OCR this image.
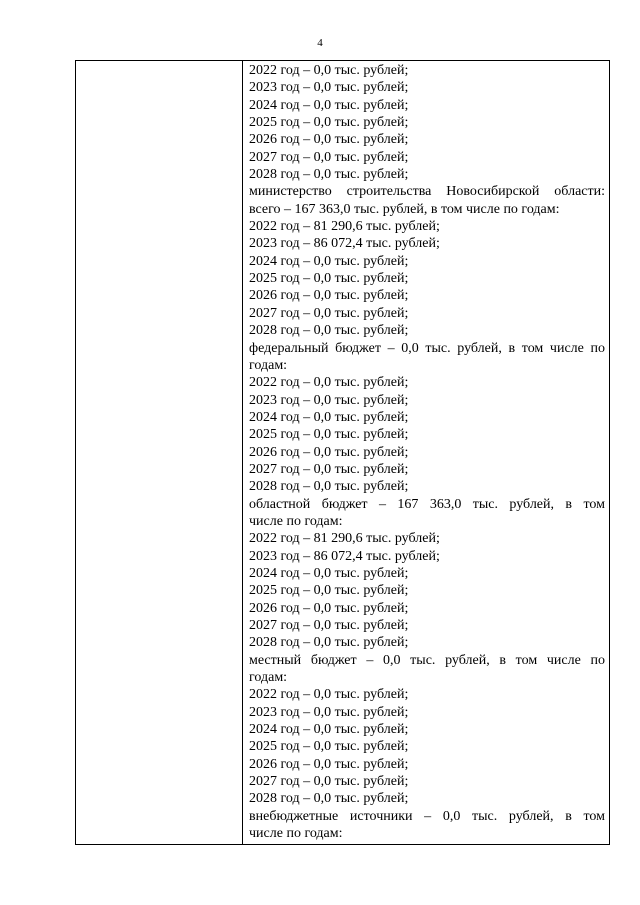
4

2022 год – 0,0 тыс. рублей;
2023 год – 0,0 тыс. рублей;
2024 год – 0,0 тыс. рублей;
2025 год – 0,0 тыс. рублей;
2026 год – 0,0 тыс. рублей;
2027 год – 0,0 тыс. рублей;
2028 год – 0,0 тыс. рублей;
министерство строительства Новосибирской области:
всего – 167 363,0 тыс. рублей, в том числе по годам:
2022 год – 81 290,6 тыс. рублей;
2023 год – 86 072,4 тыс. рублей;
2024 год – 0,0 тыс. рублей;
2025 год – 0,0 тыс. рублей;
2026 год – 0,0 тыс. рублей;
2027 год – 0,0 тыс. рублей;
2028 год – 0,0 тыс. рублей;
федеральный бюджет – 0,0 тыс. рублей, в том числе по
годам:
2022 год – 0,0 тыс. рублей;
2023 год – 0,0 тыс. рублей;
2024 год – 0,0 тыс. рублей;
2025 год – 0,0 тыс. рублей;
2026 год – 0,0 тыс. рублей;
2027 год – 0,0 тыс. рублей;
2028 год – 0,0 тыс. рублей;
областной бюджет – 167 363,0 тыс. рублей, в том
числе по годам:
2022 год – 81 290,6 тыс. рублей;
2023 год – 86 072,4 тыс. рублей;
2024 год – 0,0 тыс. рублей;
2025 год – 0,0 тыс. рублей;
2026 год – 0,0 тыс. рублей;
2027 год – 0,0 тыс. рублей;
2028 год – 0,0 тыс. рублей;
местный бюджет – 0,0 тыс. рублей, в том числе по
годам:
2022 год – 0,0 тыс. рублей;
2023 год – 0,0 тыс. рублей;
2024 год – 0,0 тыс. рублей;
2025 год – 0,0 тыс. рублей;
2026 год – 0,0 тыс. рублей;
2027 год – 0,0 тыс. рублей;
2028 год – 0,0 тыс. рублей;
внебюджетные источники – 0,0 тыс. рублей, в том
числе по годам:
